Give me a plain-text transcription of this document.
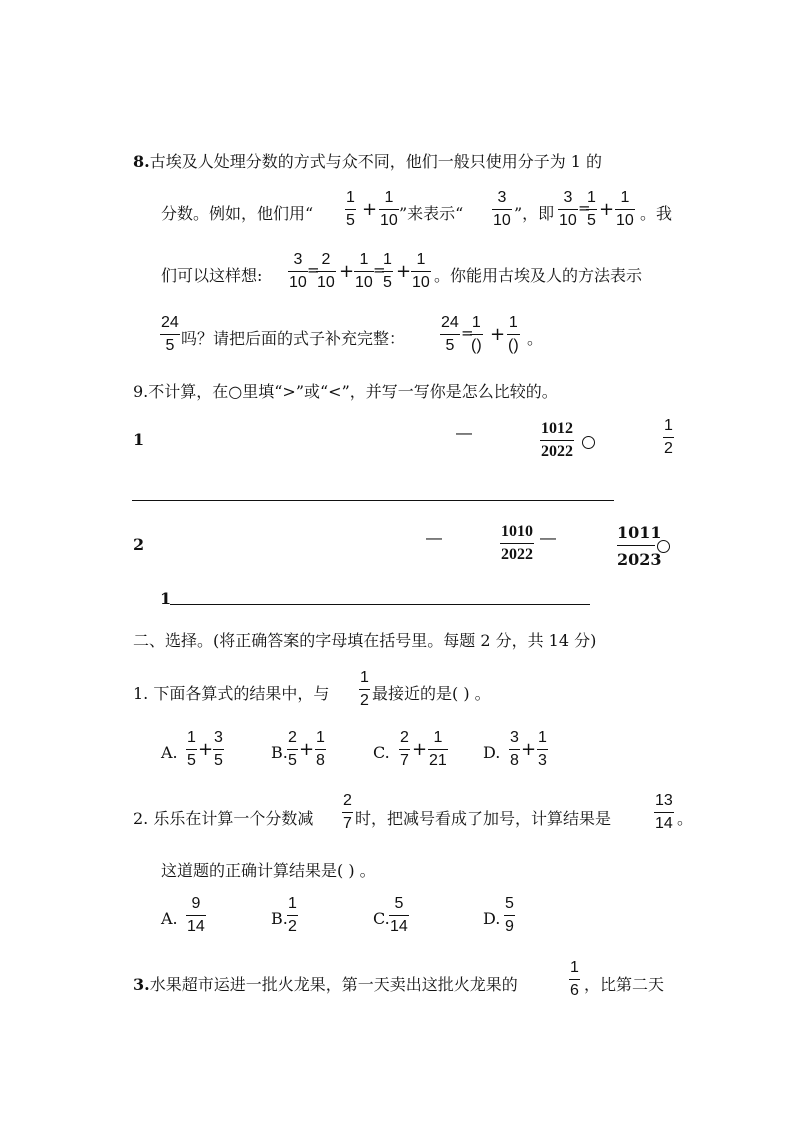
8.古埃及人处理分数的方式与众不同，他们一般只使用分子为 1 的
分数。例如，他们用“ $\frac{1}{5} + \frac{1}{10}$ ”来表示“ $\frac{3}{10}$ ”，即 $\frac{3}{10}$ =
$\frac{1}{5} + \frac{1}{10}$ 。我
们可以这样想: $\frac{3}{10}$ =
$\frac{2}{10} + \frac{1}{10}$ =
$\frac{1}{5} + \frac{1}{10}$ 。你能用古埃及人的方法表示
$\frac{24}{5}$ 吗？请把后面的式子补充完整： $\frac{24}{5}$ =
1
()
+
1
() 。
9.不计算，在○里填“>”或“<”，并写一写你是怎么比较的。
1	—	$\frac{1012}{2022}$	$\frac{1}{2}$
2	—	$\frac{1010}{2022}$ —	1011
2023
1
二、选择。(将正确答案的字母填在括号里。每题 2 分，共 14 分)
1. 下面各算式的结果中，与 $\frac{1}{2}$ 最接近的是( ) 。
A. $\frac{1}{5} + \frac{3}{5}$	B. $\frac{2}{5} + \frac{1}{8}$	C. $\frac{2}{7} + \frac{1}{21} D$. $\frac{3}{8} + \frac{1}{3}$
2. 乐乐在计算一个分数减 $\frac{2}{7}$ 时，把减号看成了加号，计算结果是	$\frac{13}{14}$ 。
这道题的正确计算结果是( ) 。
A. $\frac{9}{14}$	B. $\frac{1}{2}$	C. $\frac{5}{14}$	D. $\frac{5}{9}$
3.水果超市运进一批火龙果，第一天卖出这批火龙果的	$\frac{1}{6}$ ，比第二天
